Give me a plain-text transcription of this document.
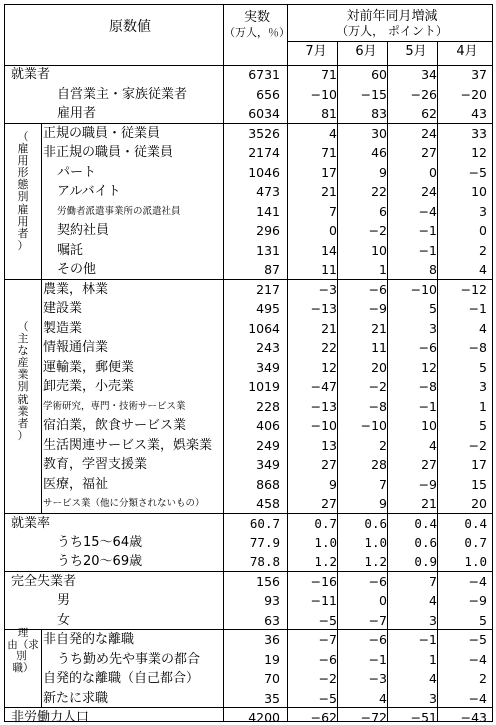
原数値
実数
（万人，％）
対前年同月増減
（万人， ポイント）
7月	6月	5月	4月
（
雇
用
形
態
別
雇
用
者
）
（
主
な
産
業
別
就
業
者
）
理
由（求
別  職）
就業者	6731	71	60	34	37
自営業主・家族従業者	656	−10	−15	−26	−20
雇用者	6034	81	83	62	43
正規の職員・従業員	3526	4	30	24	33
非正規の職員・従業員	2174	71	46	27	12
パート	1046	17	9	0	−5
アルバイト	473	21	22	24	10
労働者派遣事業所の派遣社員	141	7	6	−4	3
契約社員	296	0	−2	−1	0
嘱託	131	14	10	−1	2
その他	87	11	1	8	4
農業，林業	217	−3	−6	−10	−12
建設業	495	−13	−9	5	−1
製造業	1064	21	21	3	4
情報通信業	243	22	11	−6	−8
運輸業，郵便業	349	12	20	12	5
卸売業，小売業	1019	−47	−2	−8	3
学術研究，専門・技術サービス業	228	−13	−8	−1	1
宿泊業，飲食サービス業	406	−10	−10	10	5
生活関連サービス業，娯楽業	249	13	2	4	−2
教育，学習支援業	349	27	28	27	17
医療，福祉	868	9	7	−9	15
サービス業（他に分類されないもの）	458	27	9	21	20
就業率	60.7	0.7	0.6	0.4	0.4
うち15～64歳	77.9	1.0	1.0	0.6	0.7
うち20～69歳	78.8	1.2	1.2	0.9	1.0
完全失業者	156	−16	−6	7	−4
男	93	−11	0	4	−9
女	63	−5	−7	3	5
非自発的な離職	36	−7	−6	−1	−5
うち勤め先や事業の都合	19	−6	−1	1	−4
自発的な離職（自己都合）	70	−2	−3	4	2
新たに求職	35	−5	4	3	−4
非労働力人口	4200	−62	−72	−51	−43
